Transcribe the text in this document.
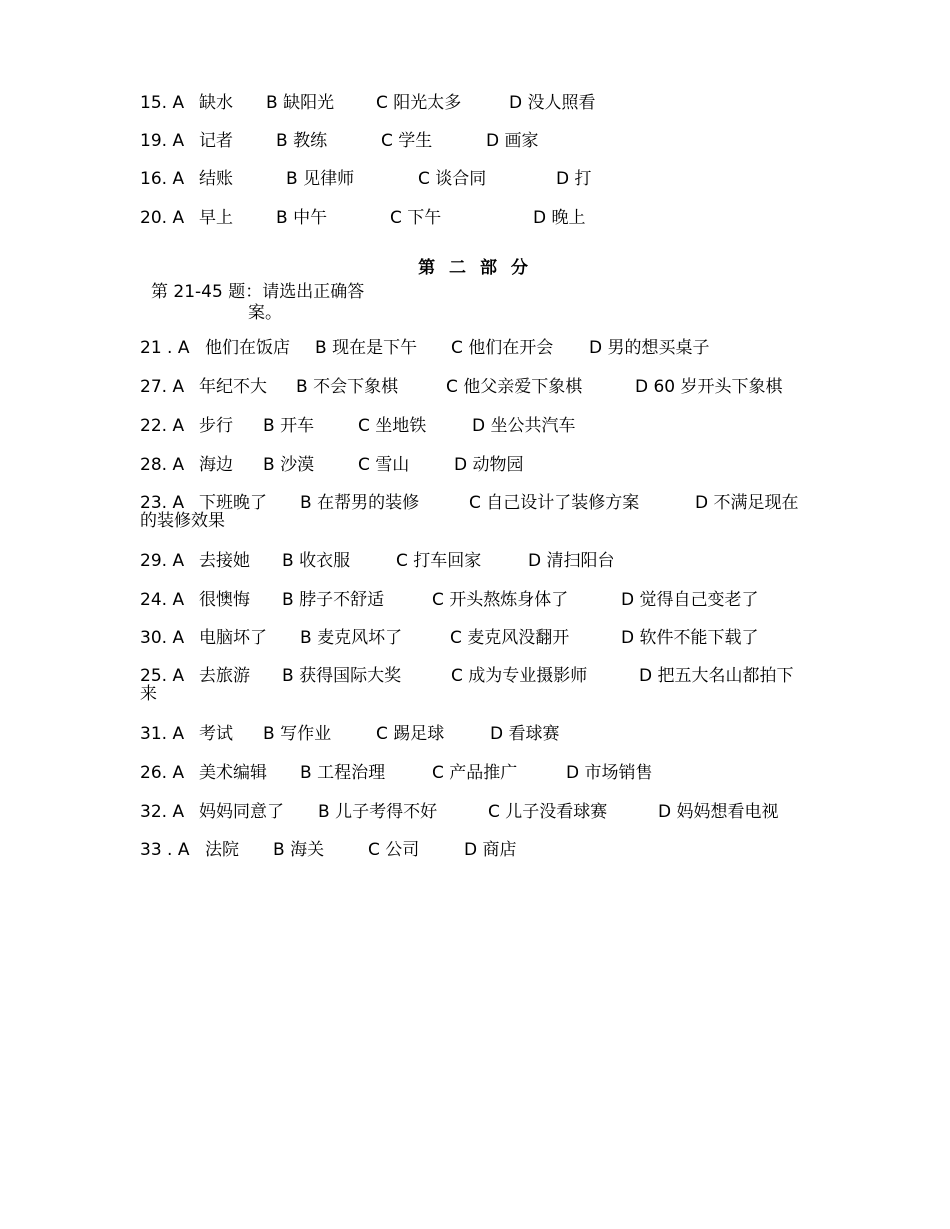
15. A 缺水 B 缺阳光 C 阳光太多	D 没人照看
19. A 记者	B 教练	C 学生	D 画家
16. A 结账	B 见律师	C 谈合同	D 打
20. A 早上	B 中午	C 下午	D 晚上
第 二 部 分
第 21-45 题：请选出正确答
案。
21 . A 他们在饭店 B 现在是下午 C 他们在开会 D 男的想买桌子
27. A 年纪不大 B 不会下象棋	C 他父亲爱下象棋	D 60 岁开头下象棋
22. A 步行 B 开车	C 坐地铁	D 坐公共汽车
28. A 海边 B 沙漠	C 雪山	D 动物园
23. A 下班晚了 B 在帮男的装修	C 自己设计了装修方案	D 不满足现在的装修效果
29. A 去接她 B 收衣服	C 打车回家	D 清扫阳台
24. A 很懊悔 B 脖子不舒适	C 开头熬炼身体了	D 觉得自己变老了
30. A 电脑坏了 B 麦克风坏了	C 麦克风没翻开	D 软件不能下载了
25. A 去旅游 B 获得国际大奖	C 成为专业摄影师	D 把五大名山都拍下来
31. A 考试 B 写作业	C 踢足球	D 看球赛
26. A 美术编辑 B 工程治理	C 产品推广	D 市场销售
32. A 妈妈同意了 B 儿子考得不好	C 儿子没看球赛	D 妈妈想看电视
33 . A 法院 B 海关	C 公司	D 商店
